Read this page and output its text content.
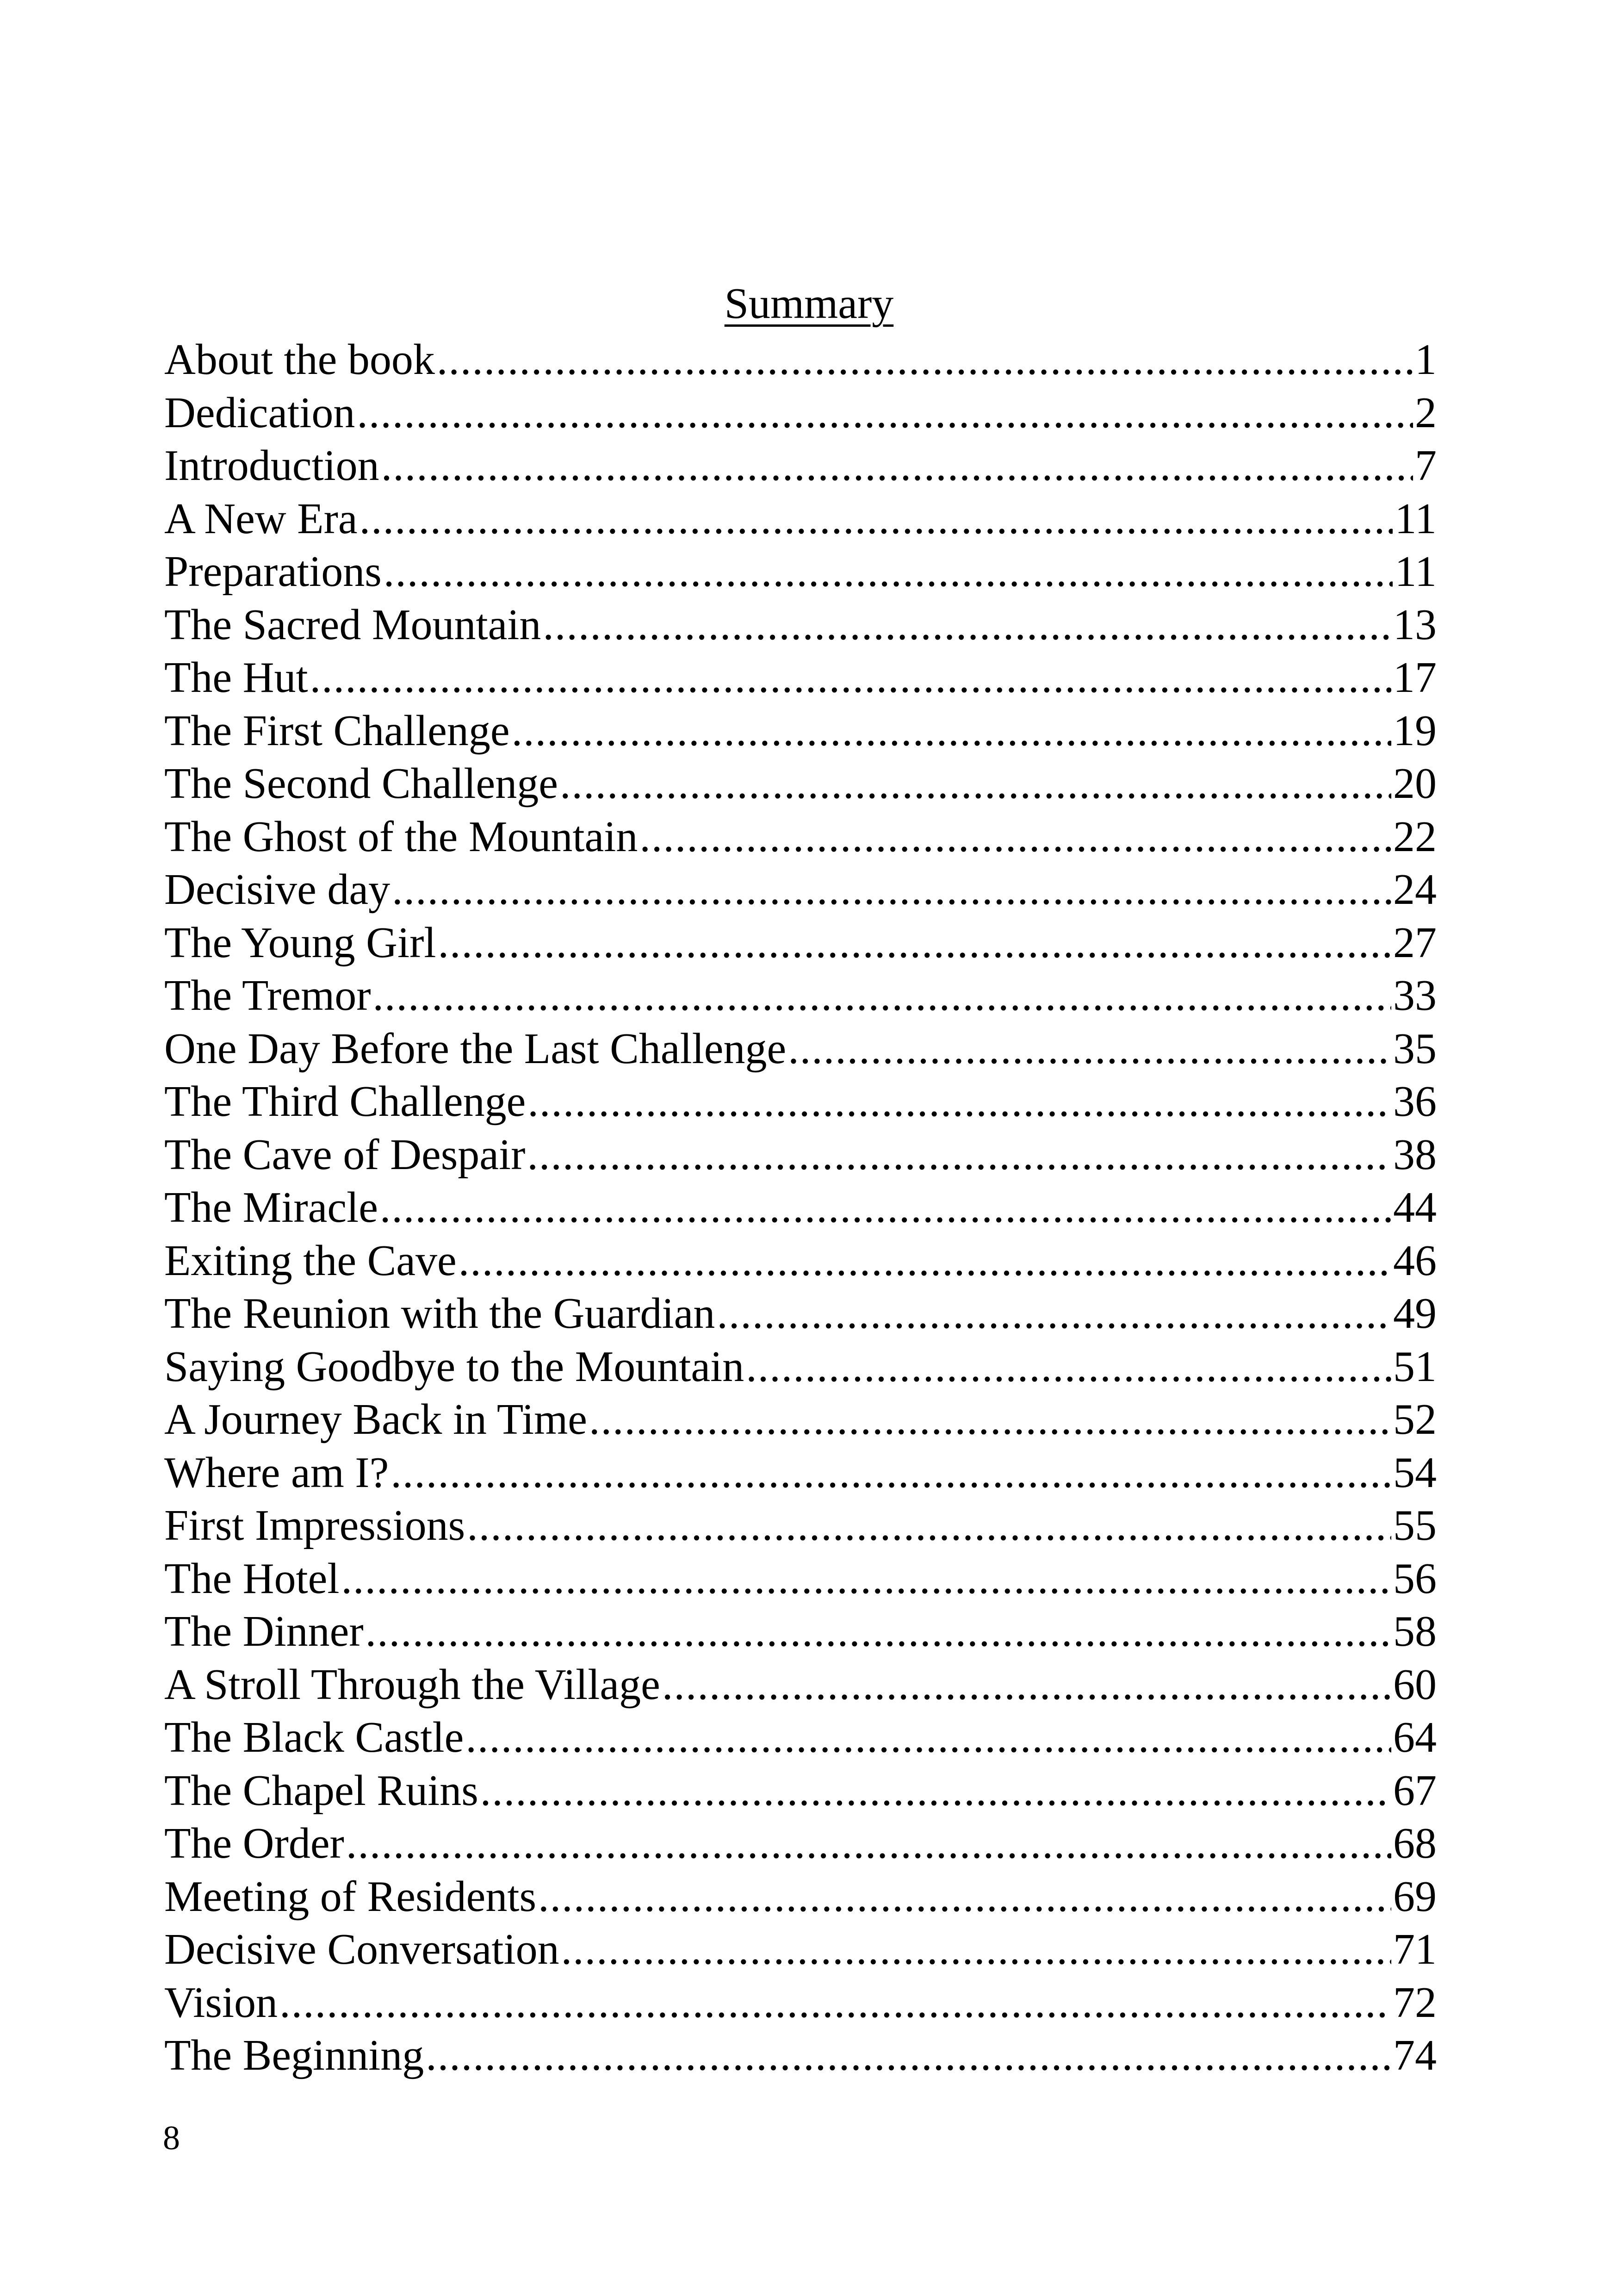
Summary
About the book .....	1
Dedication .....	2
Introduction .....	7
A New Era .....	11
Preparations .....	11
The Sacred Mountain .....	13
The Hut .....	17
The First Challenge .....	19
The Second Challenge .....	20
The Ghost of the Mountain .....	22
Decisive day .....	24
The Young Girl .....	27
The Tremor .....	33
One Day Before the Last Challenge .....	35
The Third Challenge .....	36
The Cave of Despair .....	38
The Miracle .....	44
Exiting the Cave .....	46
The Reunion with the Guardian .....	49
Saying Goodbye to the Mountain .....	51
A Journey Back in Time .....	52
Where am I? .....	54
First Impressions .....	55
The Hotel .....	56
The Dinner .....	58
A Stroll Through the Village .....	60
The Black Castle .....	64
The Chapel Ruins .....	67
The Order .....	68
Meeting of Residents .....	69
Decisive Conversation .....	71
Vision .....	72
The Beginning .....	74

8
